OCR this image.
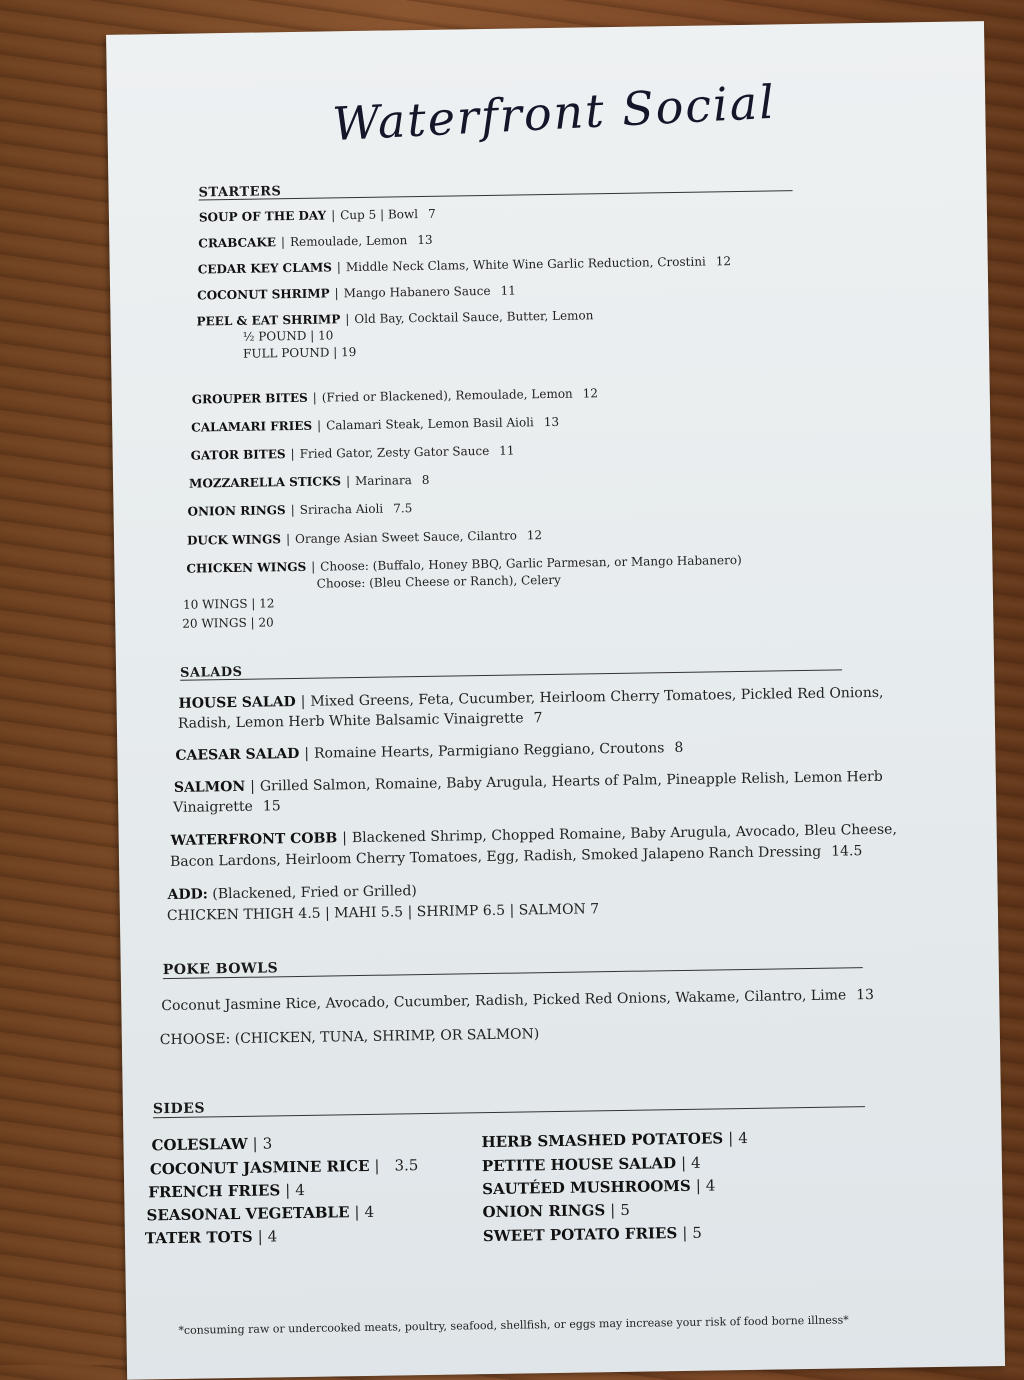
Waterfront Social
STARTERS
SOUP OF THE DAY | Cup 5 | Bowl 7
CRABCAKE | Remoulade, Lemon 13
CEDAR KEY CLAMS | Middle Neck Clams, White Wine Garlic Reduction, Crostini 12
COCONUT SHRIMP | Mango Habanero Sauce 11
PEEL & EAT SHRIMP | Old Bay, Cocktail Sauce, Butter, Lemon
½ POUND | 10
FULL POUND | 19
GROUPER BITES | (Fried or Blackened), Remoulade, Lemon 12
CALAMARI FRIES | Calamari Steak, Lemon Basil Aioli 13
GATOR BITES | Fried Gator, Zesty Gator Sauce 11
MOZZARELLA STICKS | Marinara 8
ONION RINGS | Sriracha Aioli 7.5
DUCK WINGS | Orange Asian Sweet Sauce, Cilantro 12
CHICKEN WINGS | Choose: (Buffalo, Honey BBQ, Garlic Parmesan, or Mango Habanero)
Choose: (Bleu Cheese or Ranch), Celery
10 WINGS | 12
20 WINGS | 20
SALADS
HOUSE SALAD | Mixed Greens, Feta, Cucumber, Heirloom Cherry Tomatoes, Pickled Red Onions,
Radish, Lemon Herb White Balsamic Vinaigrette 7
CAESAR SALAD | Romaine Hearts, Parmigiano Reggiano, Croutons 8
SALMON | Grilled Salmon, Romaine, Baby Arugula, Hearts of Palm, Pineapple Relish, Lemon Herb
Vinaigrette 15
WATERFRONT COBB | Blackened Shrimp, Chopped Romaine, Baby Arugula, Avocado, Bleu Cheese,
Bacon Lardons, Heirloom Cherry Tomatoes, Egg, Radish, Smoked Jalapeno Ranch Dressing 14.5
ADD: (Blackened, Fried or Grilled)
CHICKEN THIGH 4.5 | MAHI 5.5 | SHRIMP 6.5 | SALMON 7
POKE BOWLS
Coconut Jasmine Rice, Avocado, Cucumber, Radish, Picked Red Onions, Wakame, Cilantro, Lime 13
CHOOSE: (CHICKEN, TUNA, SHRIMP, OR SALMON)
SIDES
COLESLAW | 3
COCONUT JASMINE RICE | 3.5
FRENCH FRIES | 4
SEASONAL VEGETABLE | 4
TATER TOTS | 4
HERB SMASHED POTATOES | 4
PETITE HOUSE SALAD | 4
SAUTÉED MUSHROOMS | 4
ONION RINGS | 5
SWEET POTATO FRIES | 5
*consuming raw or undercooked meats, poultry, seafood, shellfish, or eggs may increase your risk of food borne illness*
